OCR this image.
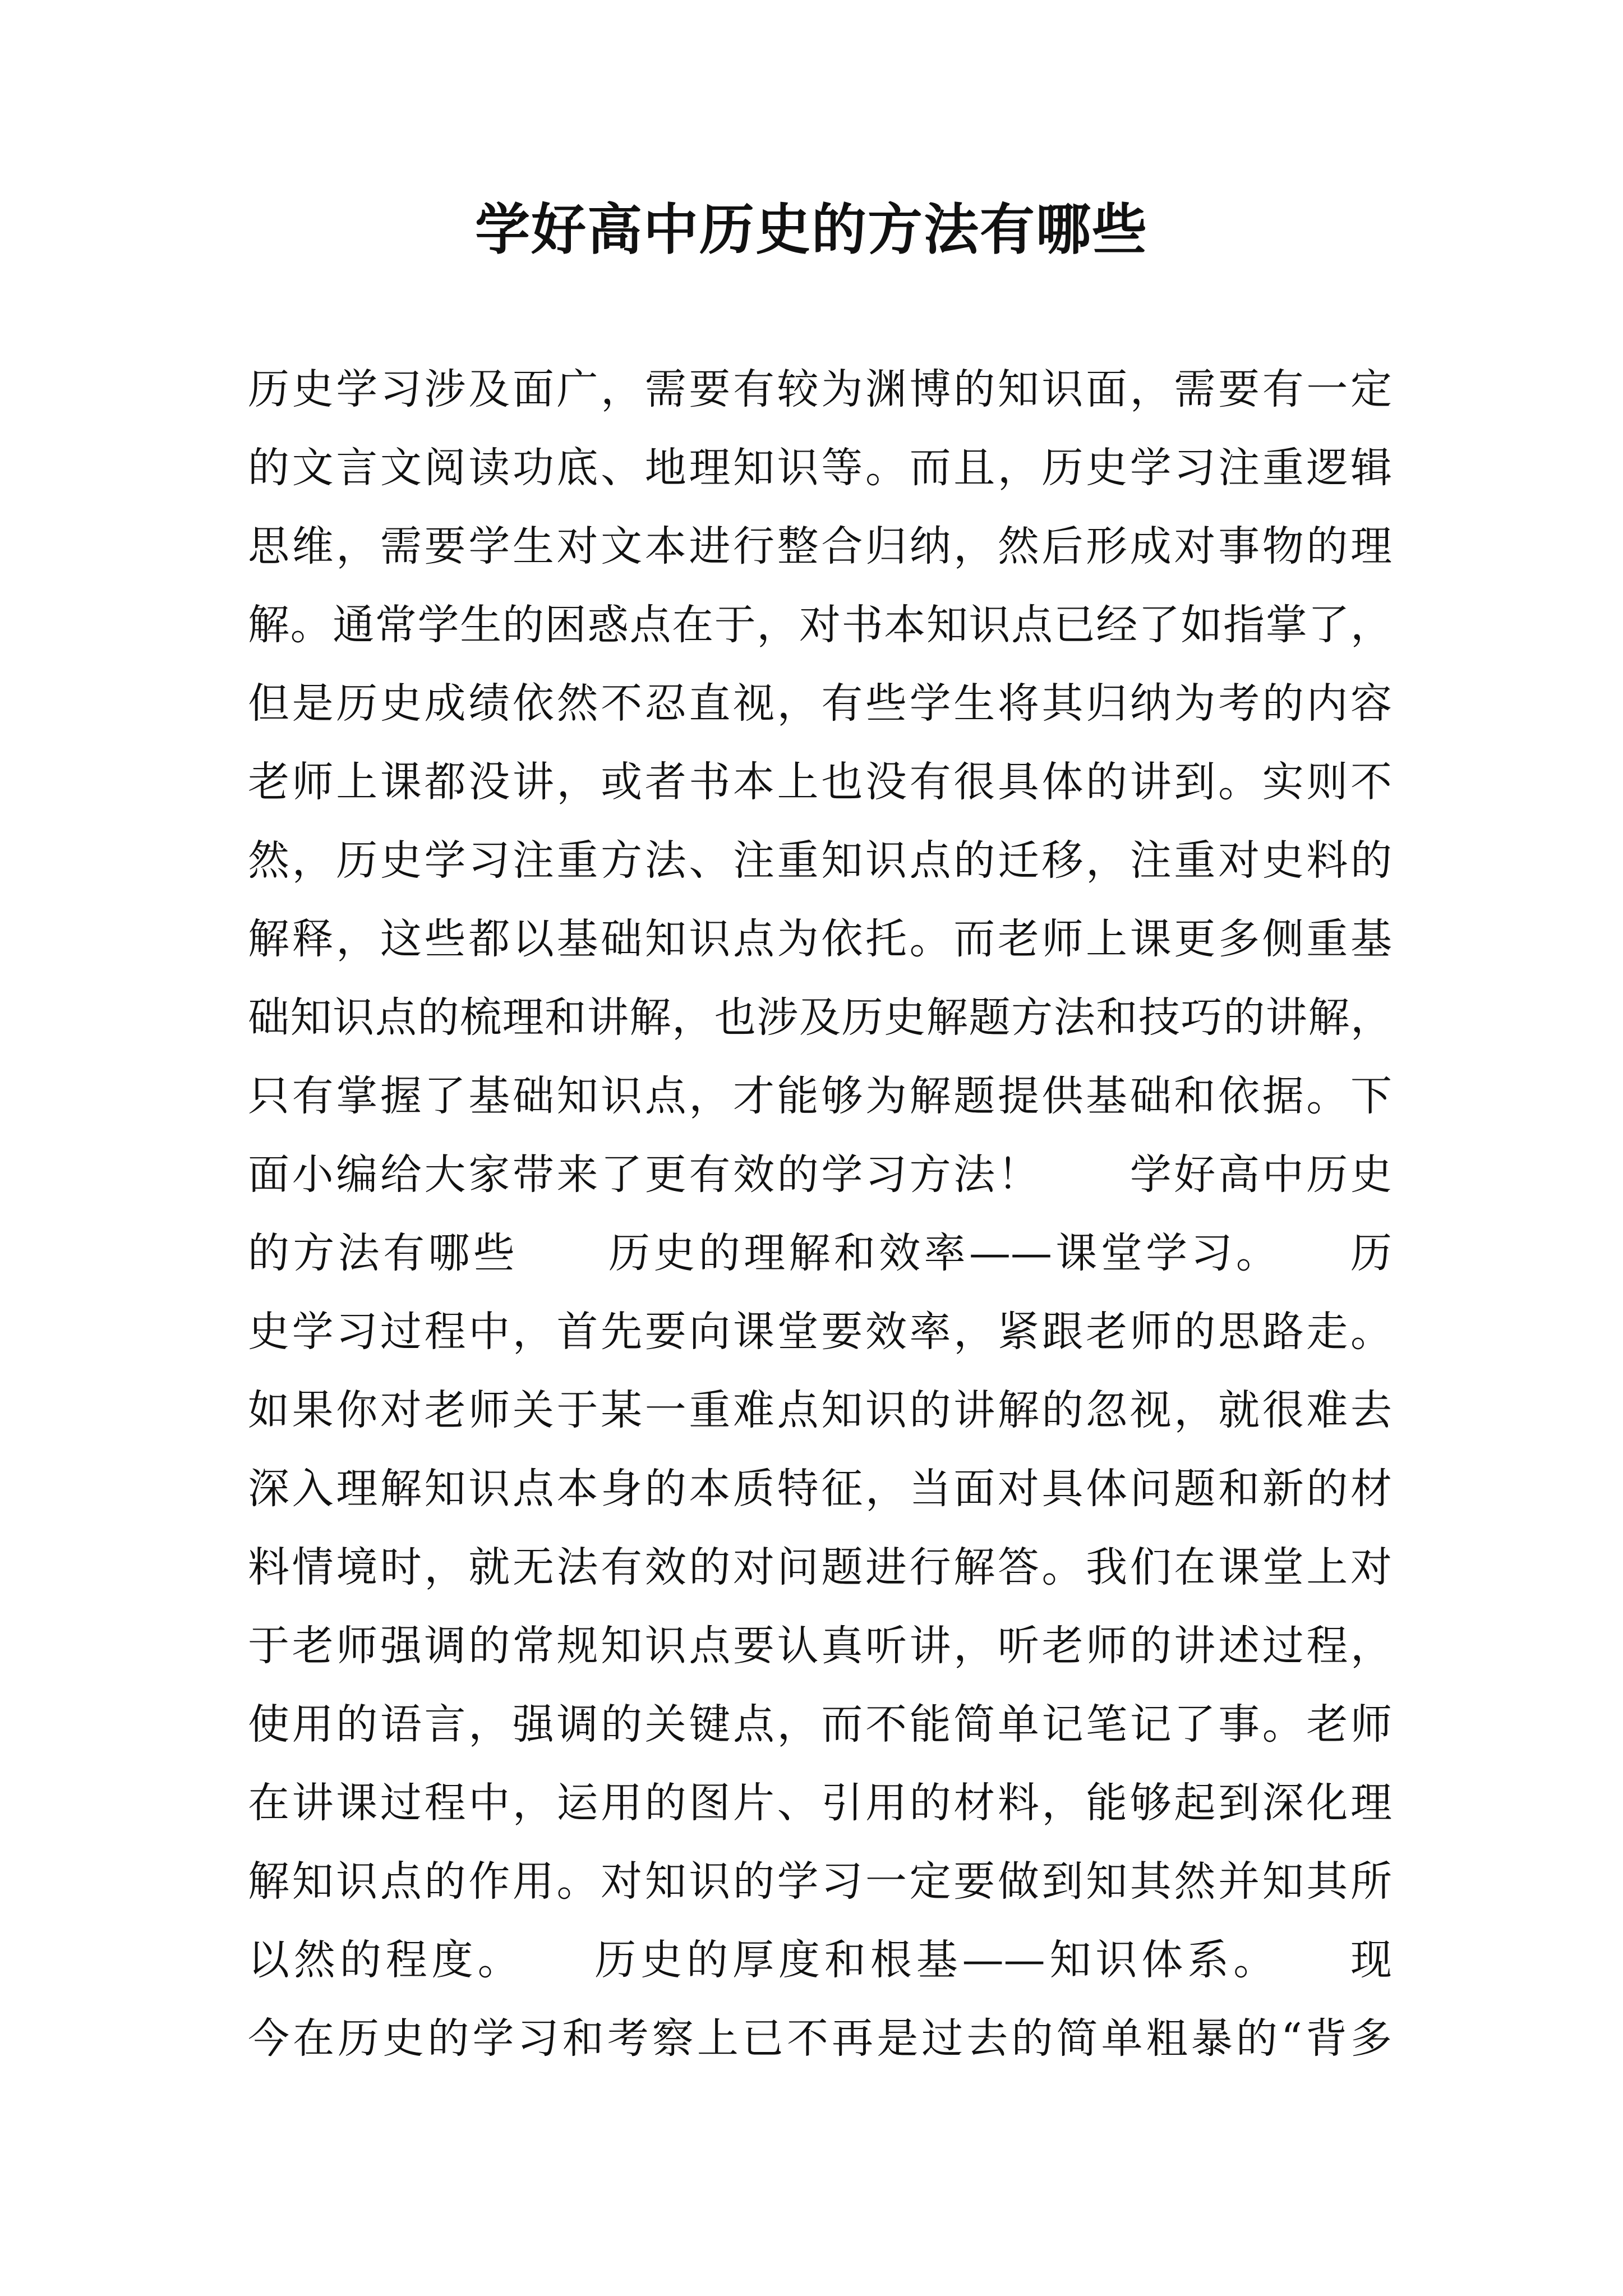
学好高中历史的方法有哪些
历史学习涉及面广，需要有较为渊博的知识面，需要有一定
的文言文阅读功底、地理知识等。而且，历史学习注重逻辑
思维，需要学生对文本进行整合归纳，然后形成对事物的理
解。通常学生的困惑点在于，对书本知识点已经了如指掌了，
但是历史成绩依然不忍直视，有些学生将其归纳为考的内容
老师上课都没讲，或者书本上也没有很具体的讲到。实则不
然，历史学习注重方法、注重知识点的迁移，注重对史料的
解释，这些都以基础知识点为依托。而老师上课更多侧重基
础知识点的梳理和讲解，也涉及历史解题方法和技巧的讲解，
只有掌握了基础知识点，才能够为解题提供基础和依据。下
面小编给大家带来了更有效的学习方法！　　学好高中历史
的方法有哪些　　历史的理解和效率——课堂学习。　　历
史学习过程中，首先要向课堂要效率，紧跟老师的思路走。
如果你对老师关于某一重难点知识的讲解的忽视，就很难去
深入理解知识点本身的本质特征，当面对具体问题和新的材
料情境时，就无法有效的对问题进行解答。我们在课堂上对
于老师强调的常规知识点要认真听讲，听老师的讲述过程，
使用的语言，强调的关键点，而不能简单记笔记了事。老师
在讲课过程中，运用的图片、引用的材料，能够起到深化理
解知识点的作用。对知识的学习一定要做到知其然并知其所
以然的程度。　　历史的厚度和根基——知识体系。　　现
今在历史的学习和考察上已不再是过去的简单粗暴的“背多
